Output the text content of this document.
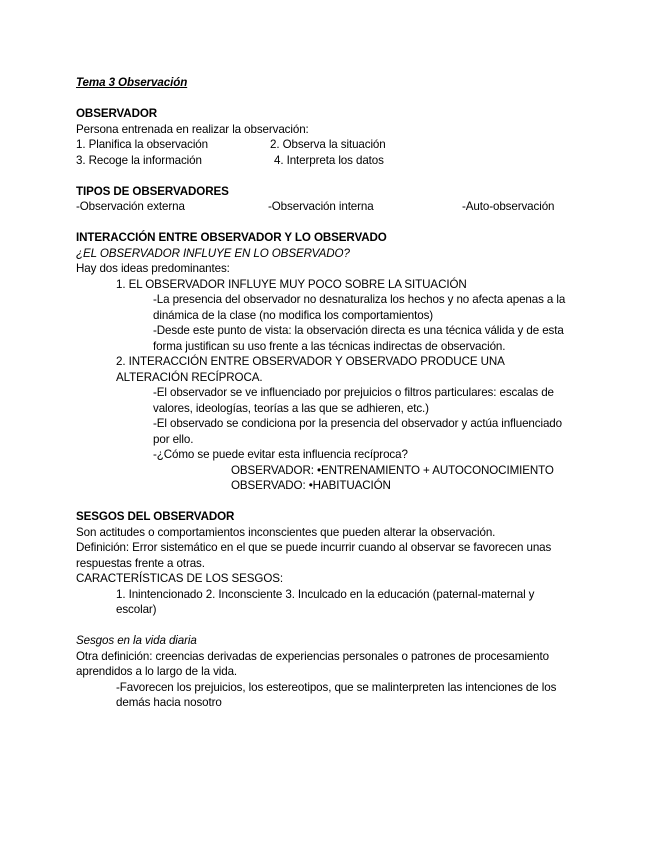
Tema 3 Observación
OBSERVADOR
Persona entrenada en realizar la observación:
1. Planifica la observación	2. Observa la situación
3. Recoge la información	4. Interpreta los datos
TIPOS DE OBSERVADORES
-Observación externa	-Observación interna	-Auto-observación
INTERACCIÓN ENTRE OBSERVADOR Y LO OBSERVADO
¿EL OBSERVADOR INFLUYE EN LO OBSERVADO?
Hay dos ideas predominantes:
1. EL OBSERVADOR INFLUYE MUY POCO SOBRE LA SITUACIÓN
-La presencia del observador no desnaturaliza los hechos y no afecta apenas a la dinámica de la clase (no modifica los comportamientos)
-Desde este punto de vista: la observación directa es una técnica válida y de esta forma justifican su uso frente a las técnicas indirectas de observación.
2. INTERACCIÓN ENTRE OBSERVADOR Y OBSERVADO PRODUCE UNA ALTERACIÓN RECÍPROCA.
-El observador se ve influenciado por prejuicios o filtros particulares: escalas de valores, ideologías, teorías a las que se adhieren, etc.)
-El observado se condiciona por la presencia del observador y actúa influenciado por ello.
-¿Cómo se puede evitar esta influencia recíproca?
OBSERVADOR: •ENTRENAMIENTO + AUTOCONOCIMIENTO
OBSERVADO: •HABITUACIÓN
SESGOS DEL OBSERVADOR
Son actitudes o comportamientos inconscientes que pueden alterar la observación.
Definición: Error sistemático en el que se puede incurrir cuando al observar se favorecen unas respuestas frente a otras.
CARACTERÍSTICAS DE LOS SESGOS:
1. Inintencionado 2. Inconsciente 3. Inculcado en la educación (paternal-maternal y escolar)
Sesgos en la vida diaria
Otra definición: creencias derivadas de experiencias personales o patrones de procesamiento aprendidos a lo largo de la vida.
-Favorecen los prejuicios, los estereotipos, que se malinterpreten las intenciones de los demás hacia nosotro
